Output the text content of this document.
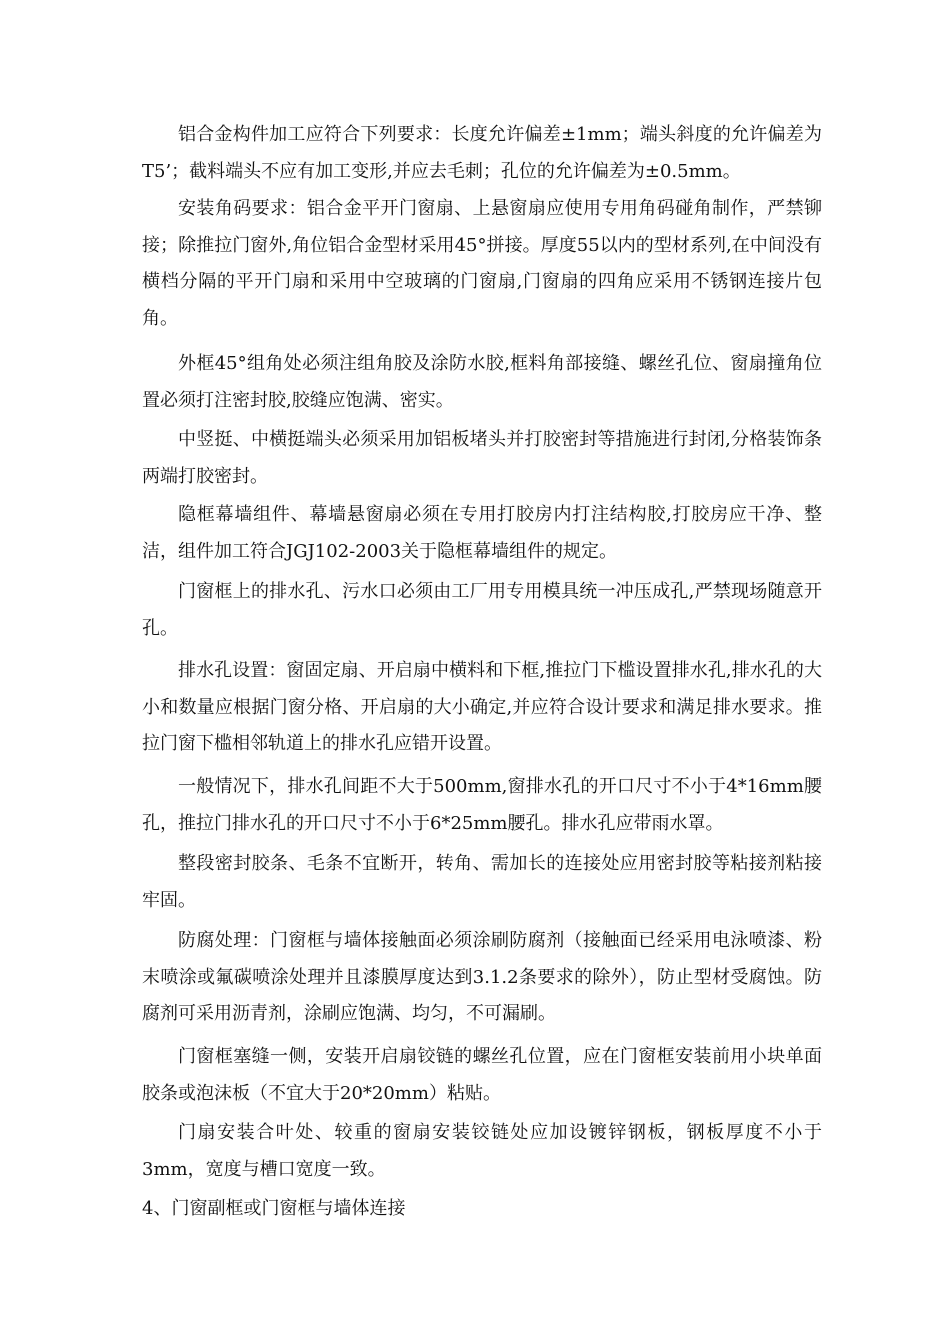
铝合金构件加工应符合下列要求：长度允许偏差±1mm；端头斜度的允许偏差为T5’；截料端头不应有加工变形,并应去毛刺；孔位的允许偏差为±0.5mm。

安装角码要求：铝合金平开门窗扇、上悬窗扇应使用专用角码碰角制作，严禁铆接；除推拉门窗外,角位铝合金型材采用45°拼接。厚度55以内的型材系列,在中间没有横档分隔的平开门扇和采用中空玻璃的门窗扇,门窗扇的四角应采用不锈钢连接片包角。

外框45°组角处必须注组角胶及涂防水胶,框料角部接缝、螺丝孔位、窗扇撞角位置必须打注密封胶,胶缝应饱满、密实。

中竖挺、中横挺端头必须采用加铝板堵头并打胶密封等措施进行封闭,分格装饰条两端打胶密封。

隐框幕墙组件、幕墙悬窗扇必须在专用打胶房内打注结构胶,打胶房应干净、整洁，组件加工符合JGJ102-2003关于隐框幕墙组件的规定。

门窗框上的排水孔、污水口必须由工厂用专用模具统一冲压成孔,严禁现场随意开孔。

排水孔设置：窗固定扇、开启扇中横料和下框,推拉门下槛设置排水孔,排水孔的大小和数量应根据门窗分格、开启扇的大小确定,并应符合设计要求和满足排水要求。推拉门窗下槛相邻轨道上的排水孔应错开设置。

一般情况下，排水孔间距不大于500mm,窗排水孔的开口尺寸不小于4*16mm腰孔，推拉门排水孔的开口尺寸不小于6*25mm腰孔。排水孔应带雨水罩。

整段密封胶条、毛条不宜断开，转角、需加长的连接处应用密封胶等粘接剂粘接牢固。

防腐处理：门窗框与墙体接触面必须涂刷防腐剂（接触面已经采用电泳喷漆、粉末喷涂或氟碳喷涂处理并且漆膜厚度达到3.1.2条要求的除外），防止型材受腐蚀。防腐剂可采用沥青剂，涂刷应饱满、均匀，不可漏刷。

门窗框塞缝一侧，安装开启扇铰链的螺丝孔位置，应在门窗框安装前用小块单面胶条或泡沫板（不宜大于20*20mm）粘贴。

门扇安装合叶处、较重的窗扇安装铰链处应加设镀锌钢板，钢板厚度不小于3mm，宽度与槽口宽度一致。

4、门窗副框或门窗框与墙体连接
